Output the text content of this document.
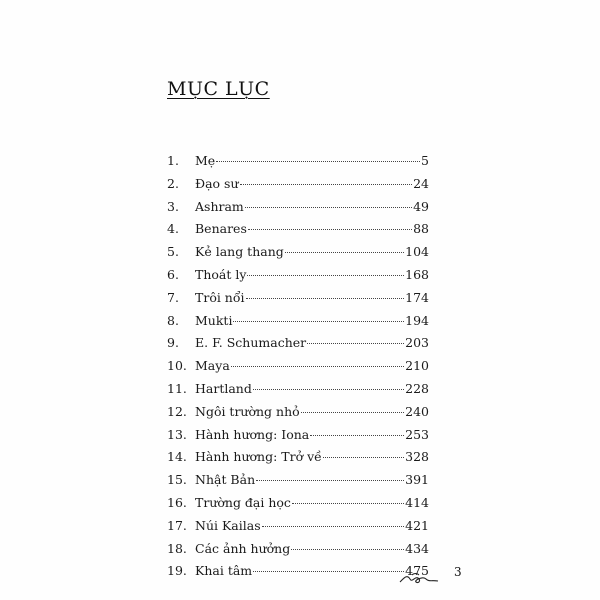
MỤC LỤC
1.	Mẹ	5
2.	Đạo sư	24
3.	Ashram	49
4.	Benares	88
5.	Kẻ lang thang	104
6.	Thoát ly	168
7.	Trôi nổi	174
8.	Mukti	194
9.	E. F. Schumacher	203
10. Maya	210
11. Hartland	228
12. Ngôi trường nhỏ	240
13. Hành hương: Iona	253
14. Hành hương: Trở về	328
15. Nhật Bản	391
16. Trường đại học	414
17. Núi Kailas	421
18. Các ảnh hưởng	434
19. Khai tâm	475 3
